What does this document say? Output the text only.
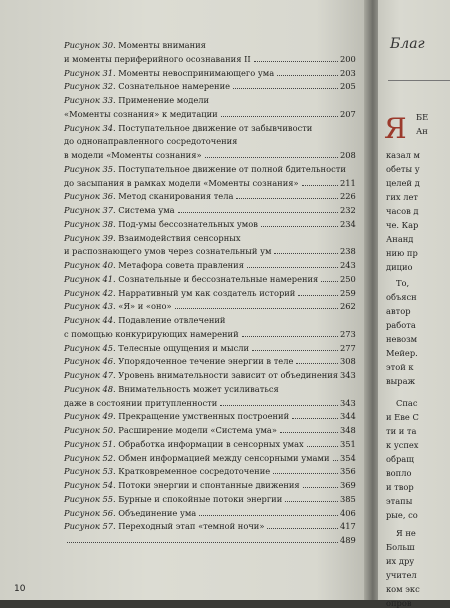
Благ
Я БЕ
Ан
казал м
обеты у
целей д
гих лет
часов д
че. Кар
Ананд
нию пр
дицио
То,
объясн
автор
работа
невозм
Мейер.
этой к
выраж
Спас
и Еве С
ти и та
к успех
обращ
вопло
и твор
этапы
рые, со
Я не
Больш
их дру
учител
ком экс
опров
Рисунок 30. Моменты внимания
и моменты периферийного осознавания II	200
Рисунок 31. Моменты невоспринимающего ума	203
Рисунок 32. Сознательное намерение	205
Рисунок 33. Применение модели
«Моменты сознания» к медитации	207
Рисунок 34. Поступательное движение от забывчивости
до однонаправленного сосредоточения
в модели «Моменты сознания»	208
Рисунок 35. Поступательное движение от полной бдительности
до засыпания в рамках модели «Моменты сознания»	211
Рисунок 36. Метод сканирования тела	226
Рисунок 37. Система ума	232
Рисунок 38. Под-умы бессознательных умов	234
Рисунок 39. Взаимодействия сенсорных
и распознающего умов через сознательный ум	238
Рисунок 40. Метафора совета правления	243
Рисунок 41. Сознательные и бессознательные намерения	250
Рисунок 42. Нарративный ум как создатель историй	259
Рисунок 43. «Я» и «оно»	262
Рисунок 44. Подавление отвлечений
с помощью конкурирующих намерений	273
Рисунок 45. Телесные ощущения и мысли	277
Рисунок 46. Упорядоченное течение энергии в теле	308
Рисунок 47. Уровень внимательности зависит от объединения 343
Рисунок 48. Внимательность может усиливаться
даже в состоянии притупленности	343
Рисунок 49. Прекращение умственных построений	344
Рисунок 50. Расширение модели «Система ума»	348
Рисунок 51. Обработка информации в сенсорных умах	351
Рисунок 52. Обмен информацией между сенсорными умами 354
Рисунок 53. Кратковременное сосредоточение	356
Рисунок 54. Потоки энергии и спонтанные движения	369
Рисунок 55. Бурные и спокойные потоки энергии	385
Рисунок 56. Объединение ума	406
Рисунок 57. Переходный этап «темной ночи»	417
489
10
